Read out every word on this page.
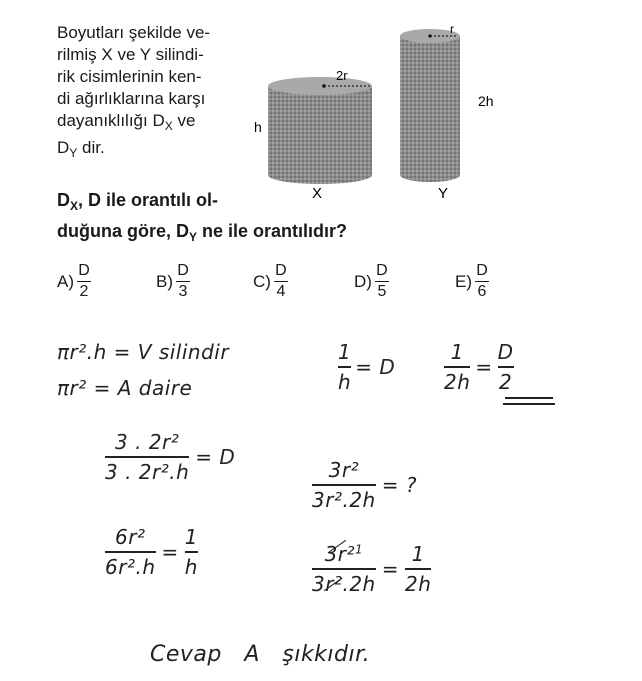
Boyutları şekilde ve-
rilmiş X ve Y silindi-
rik cisimlerinin ken-
di ağırlıklarına karşı
dayanıklılığı $D_X$ ve
$D_Y$ dir.
2r
h
X
r
2h
Y
$D_X$, D ile orantılı ol-
duğuna göre, $D_Y$ ne ile orantılıdır?
$A) \frac{D}{2}$	$B) \frac{D}{3}$	$C) \frac{D}{4}$	$D) \frac{D}{5}$	$E) \frac{D}{6}$
πr².h = V silindir
πr² = A daire
1
h
= D
1
2h
=
D
2
3 . 2r²
3 . 2r².h
= D
3r²
3r².2h
= ?
6r²
6r².h
=
1
h
3r²$^1$
3r².2h
=
1
2h
Cevap   A   şıkkıdır.
